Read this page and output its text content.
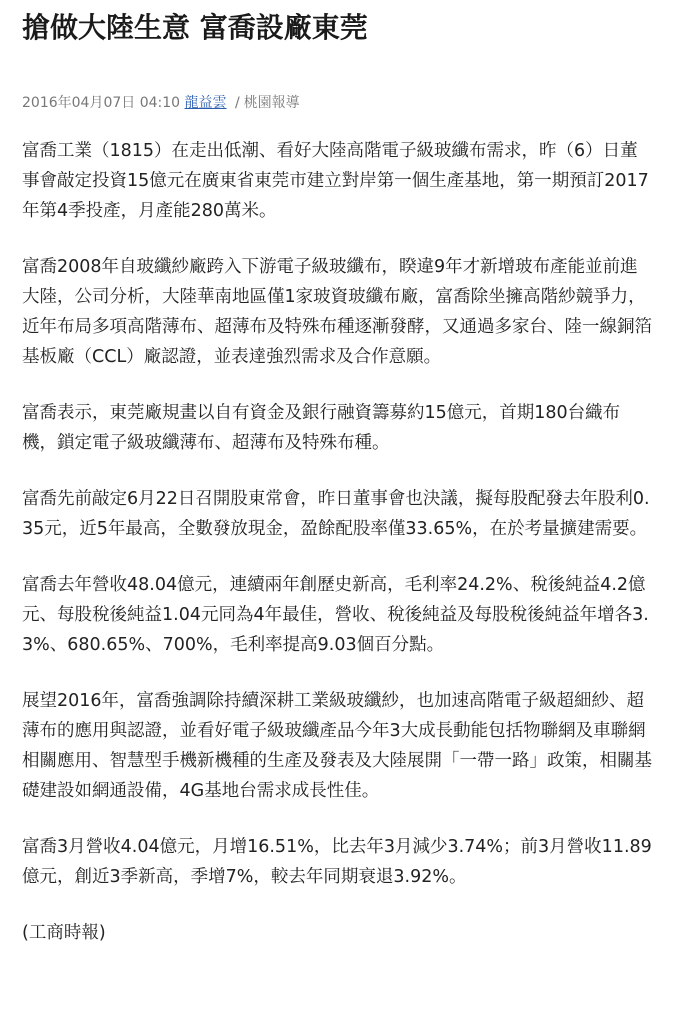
搶做大陸生意 富喬設廠東莞
2016年04月07日 04:10 龍益雲 / 桃園報導

富喬工業（1815）在走出低潮、看好大陸高階電子級玻纖布需求，昨（6）日董事會敲定投資15億元在廣東省東莞市建立對岸第一個生產基地，第一期預訂2017年第4季投產，月產能280萬米。

富喬2008年自玻纖紗廠跨入下游電子級玻纖布，睽違9年才新增玻布產能並前進大陸，公司分析，大陸華南地區僅1家玻資玻纖布廠，富喬除坐擁高階紗競爭力，近年布局多項高階薄布、超薄布及特殊布種逐漸發酵，又通過多家台、陸一線銅箔基板廠（CCL）廠認證，並表達強烈需求及合作意願。

富喬表示，東莞廠規畫以自有資金及銀行融資籌募約15億元，首期180台織布機，鎖定電子級玻纖薄布、超薄布及特殊布種。

富喬先前敲定6月22日召開股東常會，昨日董事會也決議，擬每股配發去年股利0.35元，近5年最高，全數發放現金，盈餘配股率僅33.65%，在於考量擴建需要。

富喬去年營收48.04億元，連續兩年創歷史新高，毛利率24.2%、稅後純益4.2億元、每股稅後純益1.04元同為4年最佳，營收、稅後純益及每股稅後純益年增各3.3%、680.65%、700%，毛利率提高9.03個百分點。

展望2016年，富喬強調除持續深耕工業級玻纖紗，也加速高階電子級超細紗、超薄布的應用與認證，並看好電子級玻纖產品今年3大成長動能包括物聯網及車聯網相關應用、智慧型手機新機種的生產及發表及大陸展開「一帶一路」政策，相關基礎建設如網通設備，4G基地台需求成長性佳。

富喬3月營收4.04億元，月增16.51%，比去年3月減少3.74%；前3月營收11.89億元，創近3季新高，季增7%，較去年同期衰退3.92%。

(工商時報)
